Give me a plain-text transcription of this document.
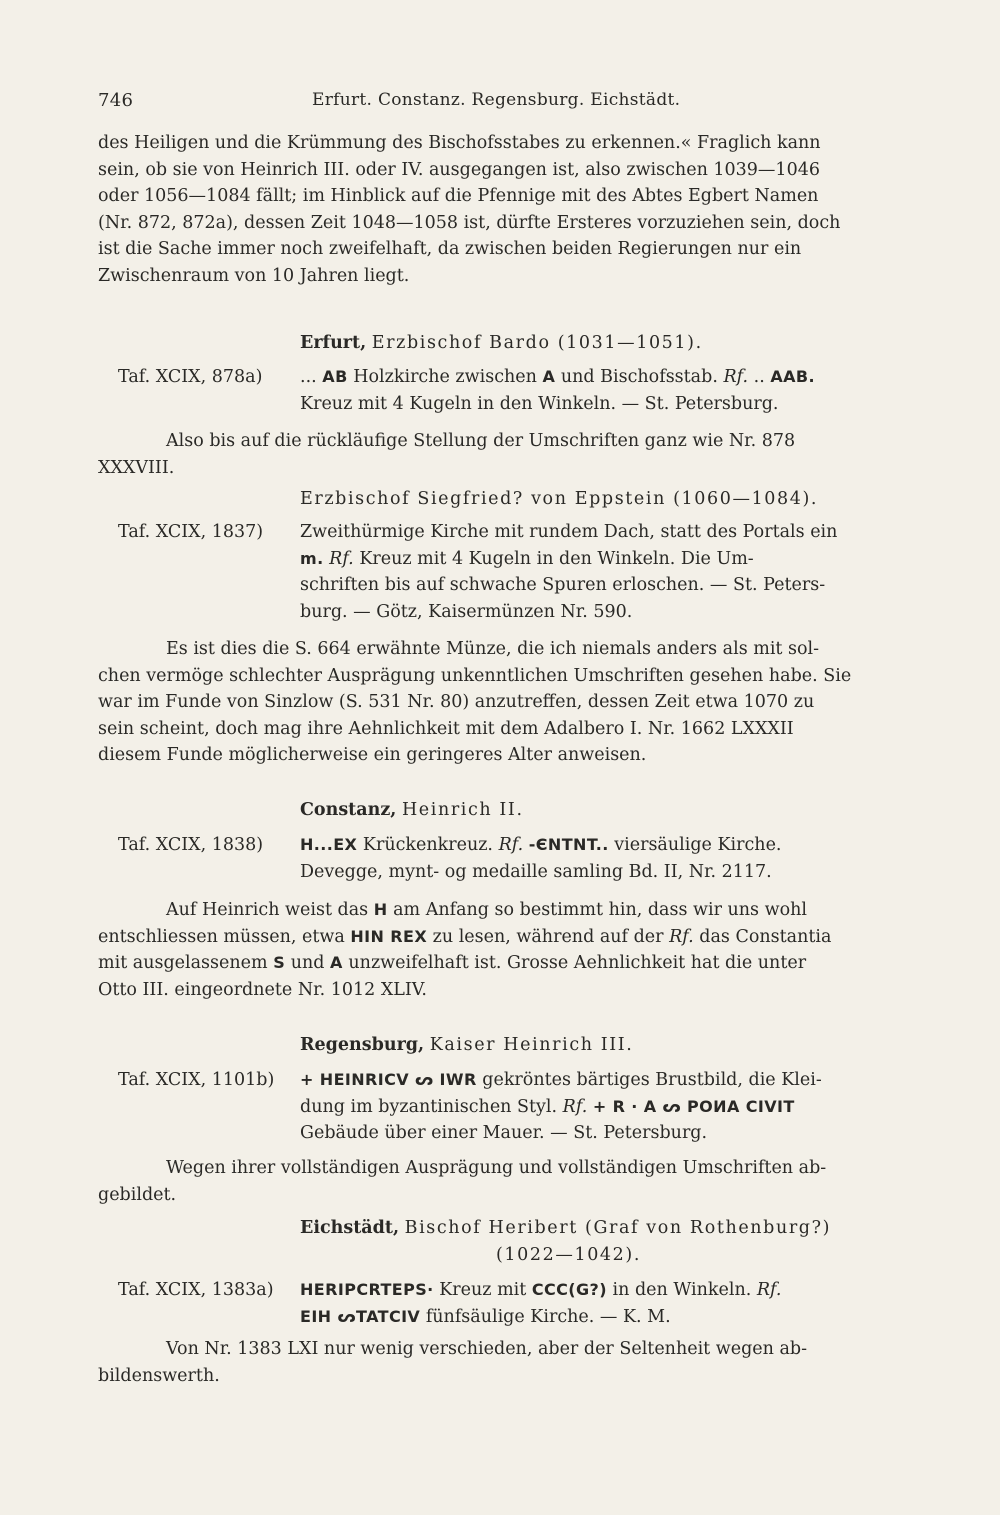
746	Erfurt. Constanz. Regensburg. Eichstädt.
des Heiligen und die Krümmung des Bischofsstabes zu erkennen.« Fraglich kann
sein, ob sie von Heinrich III. oder IV. ausgegangen ist, also zwischen 1039—1046
oder 1056—1084 fällt; im Hinblick auf die Pfennige mit des Abtes Egbert Namen
(Nr. 872, 872a), dessen Zeit 1048—1058 ist, dürfte Ersteres vorzuziehen sein, doch
ist die Sache immer noch zweifelhaft, da zwischen beiden Regierungen nur ein
Zwischenraum von 10 Jahren liegt.
Erfurt, Erzbischof Bardo (1031—1051).
Taf. XCIX, 878a) ... AB Holzkirche zwischen A und Bischofsstab. Rf. .. AAB.
Kreuz mit 4 Kugeln in den Winkeln. — St. Petersburg.
Also bis auf die rückläufige Stellung der Umschriften ganz wie Nr. 878
XXXVIII.
Erzbischof Siegfried? von Eppstein (1060—1084).
Taf. XCIX, 1837) Zweithürmige Kirche mit rundem Dach, statt des Portals ein
m. Rf. Kreuz mit 4 Kugeln in den Winkeln. Die Um-
schriften bis auf schwache Spuren erloschen. — St. Peters-
burg. — Götz, Kaisermünzen Nr. 590.
Es ist dies die S. 664 erwähnte Münze, die ich niemals anders als mit sol-
chen vermöge schlechter Ausprägung unkenntlichen Umschriften gesehen habe. Sie
war im Funde von Sinzlow (S. 531 Nr. 80) anzutreffen, dessen Zeit etwa 1070 zu
sein scheint, doch mag ihre Aehnlichkeit mit dem Adalbero I. Nr. 1662 LXXXII
diesem Funde möglicherweise ein geringeres Alter anweisen.
Constanz, Heinrich II.
Taf. XCIX, 1838) H...EX Krückenkreuz. Rf. -ЄNTNT.. viersäulige Kirche.
Devegge, mynt- og medaille samling Bd. II, Nr. 2117.
Auf Heinrich weist das H am Anfang so bestimmt hin, dass wir uns wohl
entschliessen müssen, etwa HIN REX zu lesen, während auf der Rf. das Constantia
mit ausgelassenem S und A unzweifelhaft ist. Grosse Aehnlichkeit hat die unter
Otto III. eingeordnete Nr. 1012 XLIV.
Regensburg, Kaiser Heinrich III.
Taf. XCIX, 1101b) + HEINRICV ᔕ IWR gekröntes bärtiges Brustbild, die Klei-
dung im byzantinischen Styl. Rf. + R · A ᔕ POИA CIVIT
Gebäude über einer Mauer. — St. Petersburg.
Wegen ihrer vollständigen Ausprägung und vollständigen Umschriften ab-
gebildet.
Eichstädt, Bischof Heribert (Graf von Rothenburg?)
(1022—1042).
Taf. XCIX, 1383a) HERIPCRTEPS· Kreuz mit CCC(G?) in den Winkeln. Rf.
EIH ᔕTATCIV fünfsäulige Kirche. — K. M.
Von Nr. 1383 LXI nur wenig verschieden, aber der Seltenheit wegen ab-
bildenswerth.
